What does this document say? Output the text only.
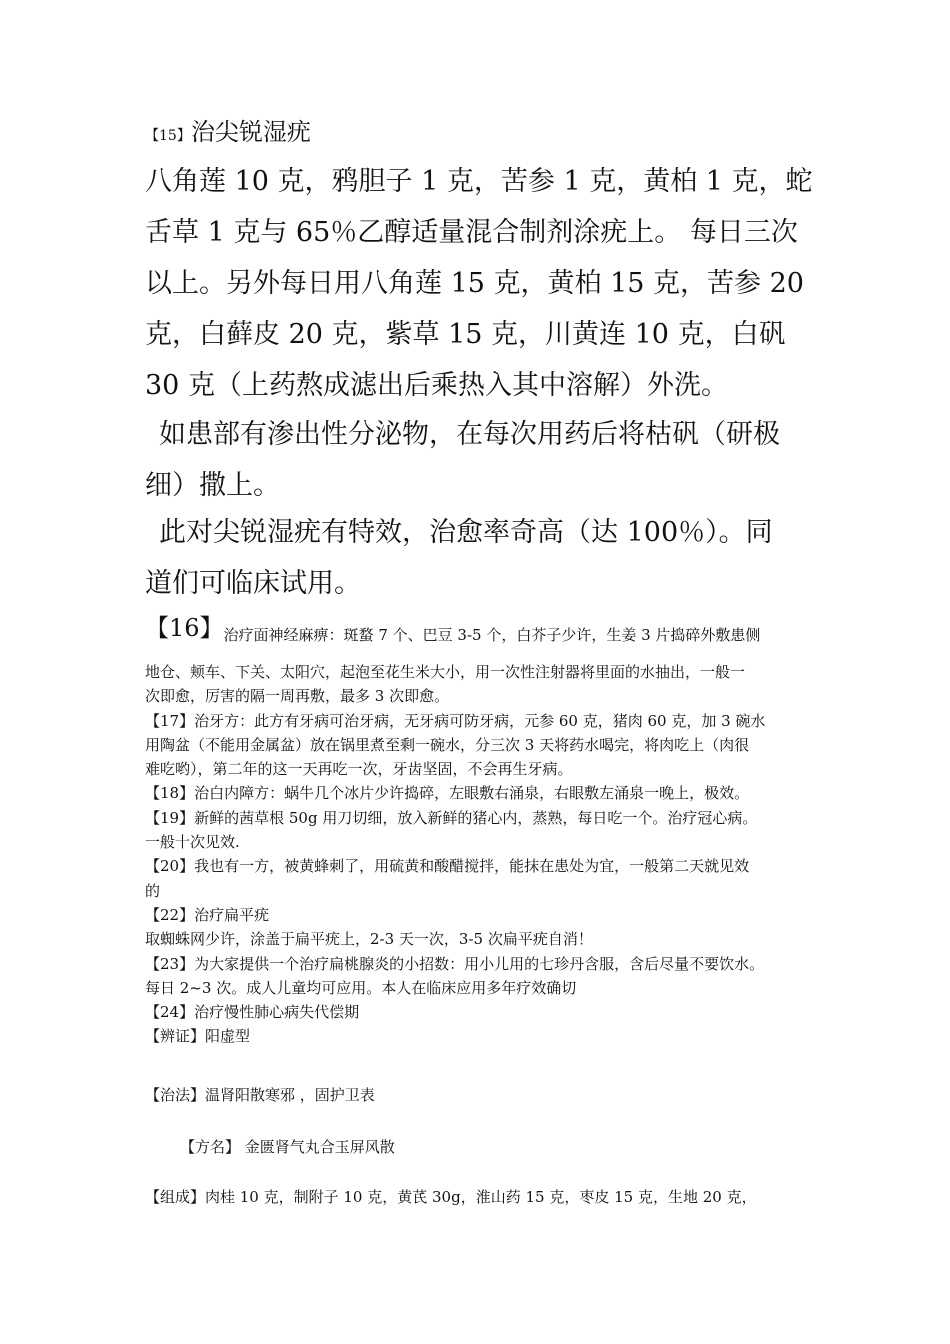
【15】治尖锐湿疣
八角莲 10 克，鸦胆子 1 克，苦参 1 克，黄柏 1 克，蛇
舌草 1 克与 65％乙醇适量混合制剂涂疣上。 每日三次
以上。另外每日用八角莲 15 克，黄柏 15 克，苦参 20
克，白藓皮 20 克，紫草 15 克，川黄连 10 克，白矾
30 克（上药熬成滤出后乘热入其中溶解）外洗。
如患部有渗出性分泌物，在每次用药后将枯矾（研极
细）撒上。
此对尖锐湿疣有特效，治愈率奇高（达 100％）。同
道们可临床试用。
【16】治疗面神经麻痹：斑蝥 7 个、巴豆 3-5 个，白芥子少许，生姜 3 片捣碎外敷患侧
地仓、颊车、下关、太阳穴，起泡至花生米大小，用一次性注射器将里面的水抽出，一般一
次即愈，厉害的隔一周再敷，最多 3 次即愈。
【17】治牙方：此方有牙病可治牙病，无牙病可防牙病，元参 60 克，猪肉 60 克，加 3 碗水
用陶盆（不能用金属盆）放在锅里煮至剩一碗水，分三次 3 天将药水喝完，将肉吃上（肉很
难吃哟），第二年的这一天再吃一次，牙齿坚固，不会再生牙病。
【18】治白内障方：蜗牛几个冰片少许捣碎，左眼敷右涌泉，右眼敷左涌泉一晚上，极效。
【19】新鲜的茜草根 50g 用刀切细，放入新鲜的猪心内，蒸熟，每日吃一个。治疗冠心病。
一般十次见效.
【20】我也有一方，被黄蜂刺了，用硫黄和酸醋搅拌，能抹在患处为宜，一般第二天就见效
的
【22】治疗扁平疣
取蜘蛛网少许，涂盖于扁平疣上，2-3 天一次，3-5 次扁平疣自消！
【23】为大家提供一个治疗扁桃腺炎的小招数：用小儿用的七珍丹含服，含后尽量不要饮水。
每日 2~3 次。成人儿童均可应用。本人在临床应用多年疗效确切
【24】治疗慢性肺心病失代偿期
【辨证】阳虚型
【治法】温肾阳散寒邪 ，固护卫表
【方名】 金匮肾气丸合玉屏风散
【组成】肉桂 10 克，制附子 10 克，黄芪 30g，淮山药 15 克，枣皮 15 克，生地 20 克，
